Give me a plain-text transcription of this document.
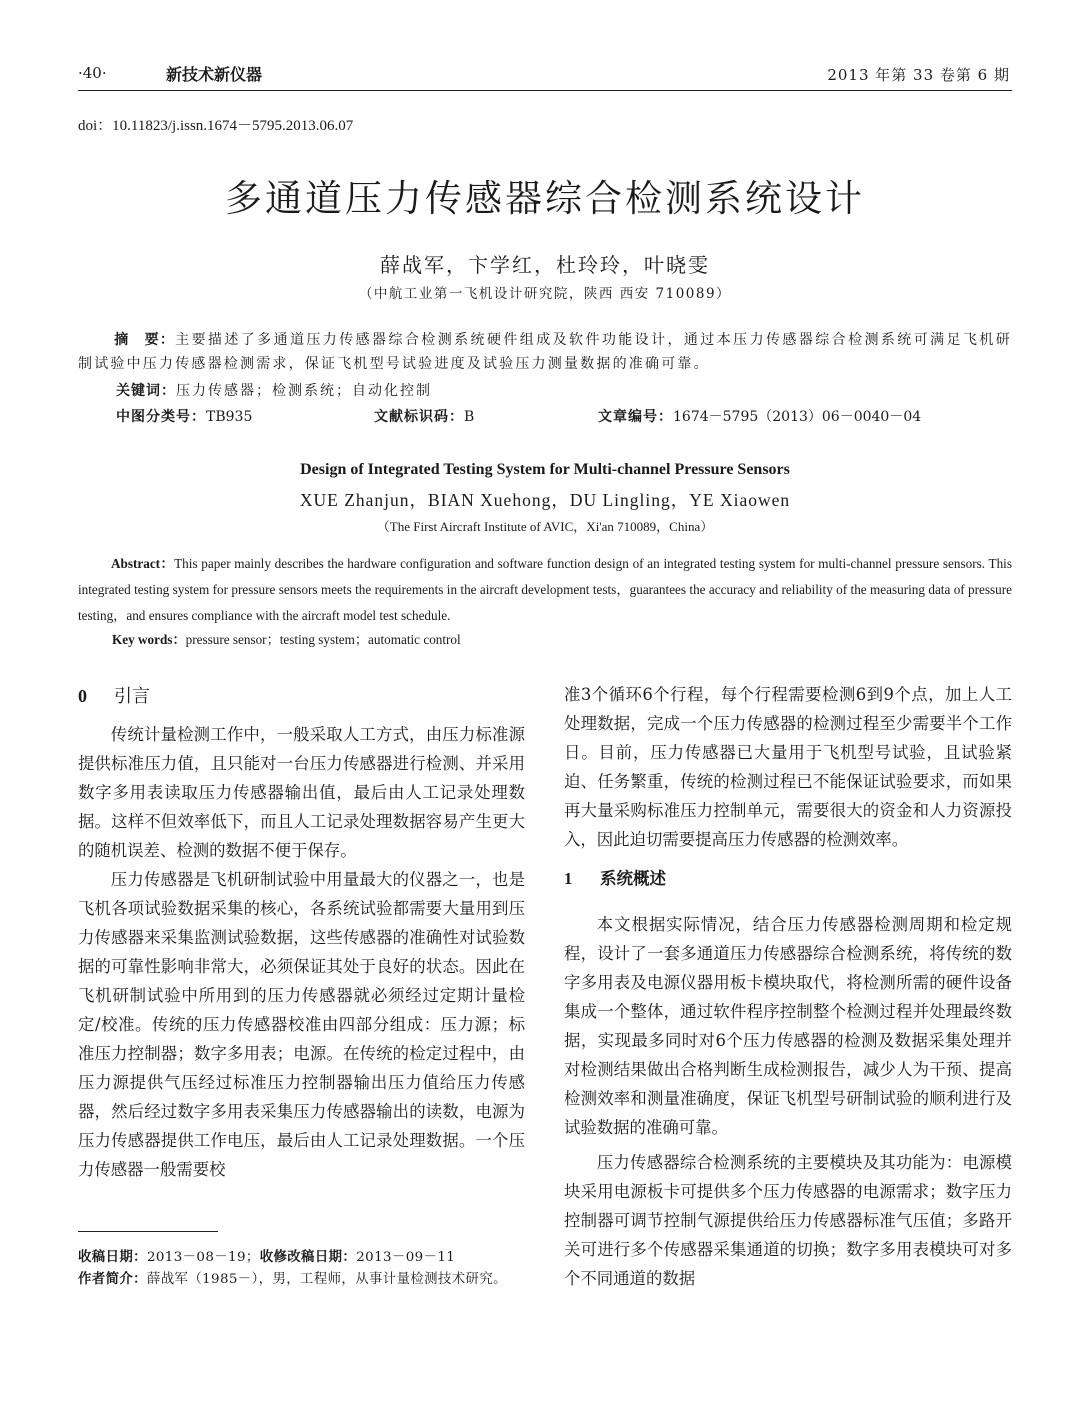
·40·	新技术新仪器	2013 年第 33 卷第 6 期
doi：10.11823/j.issn.1674－5795.2013.06.07
多通道压力传感器综合检测系统设计
薛战军，卞学红，杜玲玲，叶晓雯
（中航工业第一飞机设计研究院，陕西 西安 710089）
摘　要：主要描述了多通道压力传感器综合检测系统硬件组成及软件功能设计，通过本压力传感器综合检测系统可满足飞机研制试验中压力传感器检测需求，保证飞机型号试验进度及试验压力测量数据的准确可靠。
关键词：压力传感器；检测系统；自动化控制
中图分类号：TB935	文献标识码：B	文章编号：1674－5795（2013）06－0040－04
Design of Integrated Testing System for Multi-channel Pressure Sensors
XUE Zhanjun，BIAN Xuehong，DU Lingling，YE Xiaowen
（The First Aircraft Institute of AVIC，Xi'an 710089，China）
Abstract：This paper mainly describes the hardware configuration and software function design of an integrated testing system for multi-channel pressure sensors. This integrated testing system for pressure sensors meets the requirements in the aircraft development tests，guarantees the accuracy and reliability of the measuring data of pressure testing，and ensures compliance with the aircraft model test schedule.
Key words：pressure sensor；testing system；automatic control
0 引言

传统计量检测工作中，一般采取人工方式，由压力标准源提供标准压力值，且只能对一台压力传感器进行检测、并采用数字多用表读取压力传感器输出值，最后由人工记录处理数据。这样不但效率低下，而且人工记录处理数据容易产生更大的随机误差、检测的数据不便于保存。

压力传感器是飞机研制试验中用量最大的仪器之一，也是飞机各项试验数据采集的核心，各系统试验都需要大量用到压力传感器来采集监测试验数据，这些传感器的准确性对试验数据的可靠性影响非常大，必须保证其处于良好的状态。因此在飞机研制试验中所用到的压力传感器就必须经过定期计量检定/校准。传统的压力传感器校准由四部分组成：压力源；标准压力控制器；数字多用表；电源。在传统的检定过程中，由压力源提供气压经过标准压力控制器输出压力值给压力传感器，然后经过数字多用表采集压力传感器输出的读数，电源为压力传感器提供工作电压，最后由人工记录处理数据。一个压力传感器一般需要校

准3个循环6个行程，每个行程需要检测6到9个点，加上人工处理数据，完成一个压力传感器的检测过程至少需要半个工作日。目前，压力传感器已大量用于飞机型号试验，且试验紧迫、任务繁重，传统的检测过程已不能保证试验要求，而如果再大量采购标准压力控制单元，需要很大的资金和人力资源投入，因此迫切需要提高压力传感器的检测效率。

1 系统概述

本文根据实际情况，结合压力传感器检测周期和检定规程，设计了一套多通道压力传感器综合检测系统，将传统的数字多用表及电源仪器用板卡模块取代，将检测所需的硬件设备集成一个整体，通过软件程序控制整个检测过程并处理最终数据，实现最多同时对6个压力传感器的检测及数据采集处理并对检测结果做出合格判断生成检测报告，减少人为干预、提高检测效率和测量准确度，保证飞机型号研制试验的顺利进行及试验数据的准确可靠。

压力传感器综合检测系统的主要模块及其功能为：电源模块采用电源板卡可提供多个压力传感器的电源需求；数字压力控制器可调节控制气源提供给压力传感器标准气压值；多路开关可进行多个传感器采集通道的切换；数字多用表模块可对多个不同通道的数据

收稿日期：2013－08－19；收修改稿日期：2013－09－11

作者简介：薛战军（1985－），男，工程师，从事计量检测技术研究。
